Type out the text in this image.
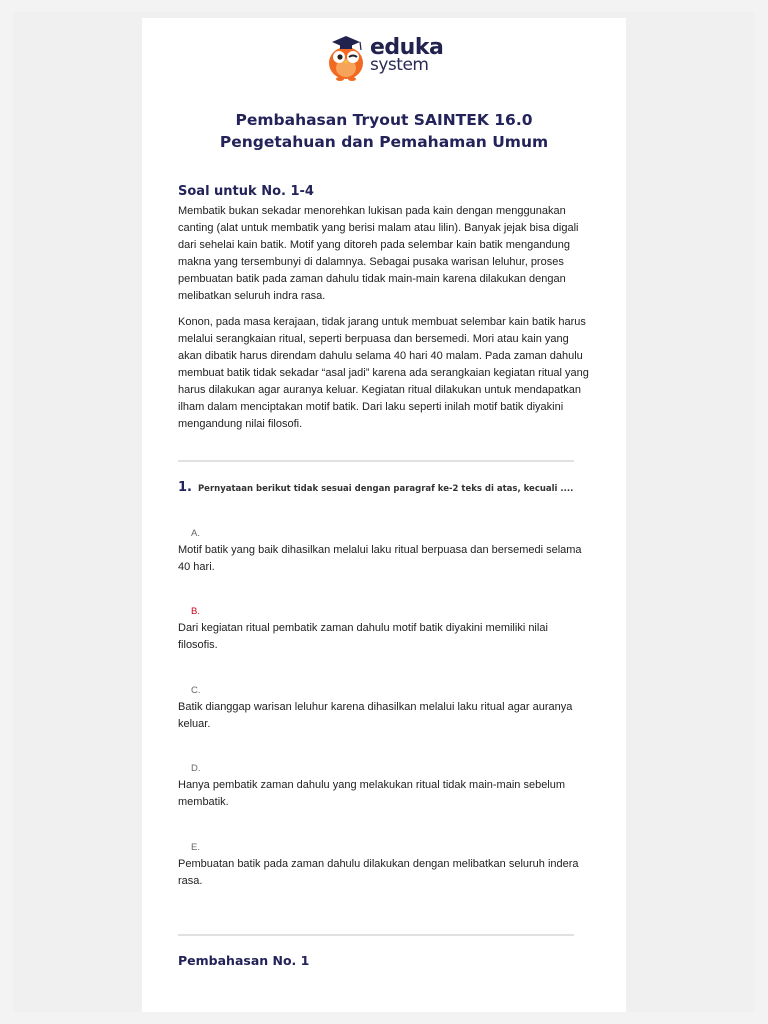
eduka
system
Pembahasan Tryout SAINTEK 16.0
Pengetahuan dan Pemahaman Umum
Soal untuk No. 1-4

Membatik bukan sekadar menorehkan lukisan pada kain dengan menggunakan canting (alat untuk membatik yang berisi malam atau lilin). Banyak jejak bisa digali dari sehelai kain batik. Motif yang ditoreh pada selembar kain batik mengandung makna yang tersembunyi di dalamnya. Sebagai pusaka warisan leluhur, proses pembuatan batik pada zaman dahulu tidak main-main karena dilakukan dengan melibatkan seluruh indra rasa.

Konon, pada masa kerajaan, tidak jarang untuk membuat selembar kain batik harus melalui serangkaian ritual, seperti berpuasa dan bersemedi. Mori atau kain yang akan dibatik harus direndam dahulu selama 40 hari 40 malam. Pada zaman dahulu membuat batik tidak sekadar “asal jadi” karena ada serangkaian kegiatan ritual yang harus dilakukan agar auranya keluar. Kegiatan ritual dilakukan untuk mendapatkan ilham dalam menciptakan motif batik. Dari laku seperti inilah motif batik diyakini mengandung nilai filosofi.

1. Pernyataan berikut tidak sesuai dengan paragraf ke-2 teks di atas, kecuali ....
A.
Motif batik yang baik dihasilkan melalui laku ritual berpuasa dan bersemedi selama 40 hari.
B.
Dari kegiatan ritual pembatik zaman dahulu motif batik diyakini memiliki nilai filosofis.
C.
Batik dianggap warisan leluhur karena dihasilkan melalui laku ritual agar auranya keluar.
D.
Hanya pembatik zaman dahulu yang melakukan ritual tidak main-main sebelum membatik.
E.
Pembuatan batik pada zaman dahulu dilakukan dengan melibatkan seluruh indera rasa.
Pembahasan No. 1
